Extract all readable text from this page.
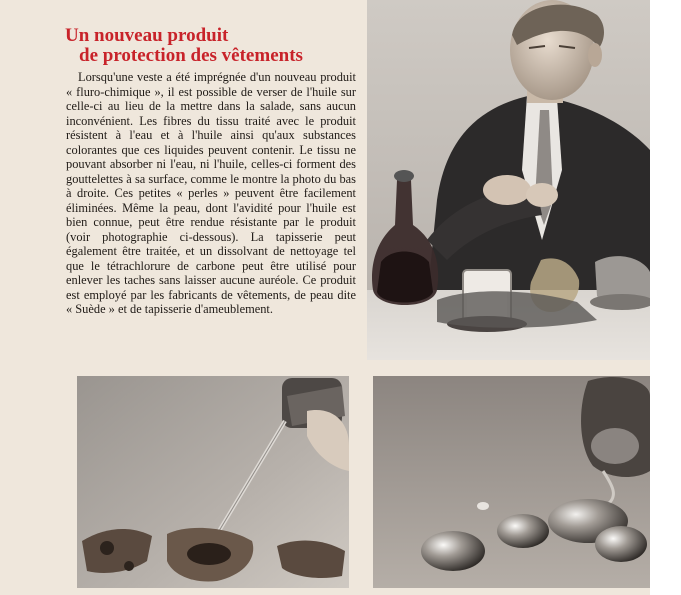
Un nouveau produit
de protection des vêtements

Lorsqu'une veste a été imprégnée d'un nouveau produit « fluro-chimique », il est possible de verser de l'huile sur celle-ci au lieu de la mettre dans la salade, sans aucun inconvénient. Les fibres du tissu traité avec le produit résistent à l'eau et à l'huile ainsi qu'aux substances colorantes que ces liquides peuvent contenir. Le tissu ne pouvant absorber ni l'eau, ni l'huile, celles-ci forment des gouttelettes à sa surface, comme le montre la photo du bas à droite. Ces petites « perles » peuvent être facilement éliminées. Même la peau, dont l'avidité pour l'huile est bien connue, peut être rendue résistante par le produit (voir photographie ci-dessous). La tapisserie peut également être traitée, et un dissolvant de nettoyage tel que le tétrachlorure de carbone peut être utilisé pour enlever les taches sans laisser aucune auréole. Ce produit est employé par les fabricants de vêtements, de peau dite « Suède » et de tapisserie d'ameublement.
